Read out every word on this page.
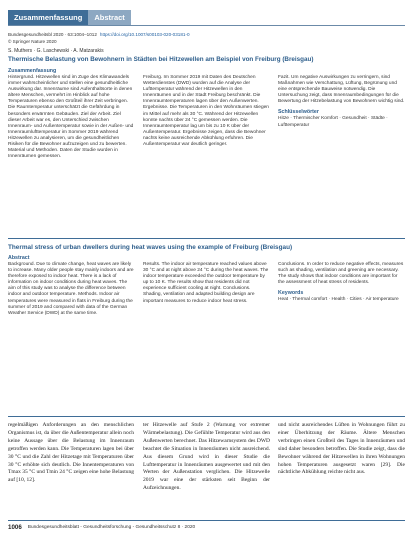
Zusammenfassung	Abstract
Bundesgesundheitsbl 2020 · 63:1004–1012 https://doi.org/10.1007/s00103-020-03181-0
© Springer Nature 2020
S. Muthers · G. Laschewski · A. Matzarakis
Thermische Belastung von Bewohnern in Städten bei Hitzewellen am Beispiel von Freiburg (Breisgau)
Zusammenfassung
Hintergrund. Hitzewellen sind im Zuge des Klimawandels immer wahrscheinlicher und stellen eine gesundheitliche Auswirkung dar. Innenräume sind Aufenthaltsorte in denen ältere Menschen, vermehrt im Hinblick auf hohe Temperaturen ebenso den Großteil ihrer Zeit verbringen. Die Raumtemperatur unterschätzt die Gefährdung in besonders erwärmten Gebäuden. Ziel der Arbeit. Ziel dieser Arbeit war es, den Unterschied zwischen Innenraum- und Außentemperatur sowie in der Außen- und Innenraumlufttemperatur im Sommer 2019 während Hitzewellen zu analysieren, um die gesundheitlichen Risiken für die Bewohner aufzuzeigen und zu bewerten. Material und Methoden. Daten der Studie wurden in Innenräumen gemessen.
Freiburg. Im Sommer 2019 mit Daten des Deutschen Wetterdienstes (DWD) wurden auf die Analyse der Lufttemperatur während der Hitzewellen in den Innenräumen und in der Stadt Freiburg beschränkt. Die Innenraumtemperaturen lagen über den Außenwerten. Ergebnisse. Die Temperaturen in den Wohnräumen stiegen im Mittel auf mehr als 30 °C. Während der Hitzewellen konnte nachts über 24 °C gemessen werden. Die Innenraumtemperatur lag um bis zu 10 K über der Außentemperatur. Ergebnisse zeigen, dass die Bewohner nachts keine ausreichende Abkühlung erfuhren. Die Außentemperatur war deutlich geringer.
Fazit. Um negative Auswirkungen zu verringern, sind Maßnahmen wie Verschattung, Lüftung, Begrünung und eine entsprechende Bauweise notwendig. Die Untersuchung zeigt, dass Innenraumbedingungen für die Bewertung der Hitzebelastung von Bewohnern wichtig sind.
Schlüsselwörter
Hitze · Thermischer Komfort · Gesundheit · Städte · Lufttemperatur
Thermal stress of urban dwellers during heat waves using the example of Freiburg (Breisgau)
Abstract
Background. Due to climate change, heat waves are likely to increase. Many older people stay mainly indoors and are therefore exposed to indoor heat. There is a lack of information on indoor conditions during heat waves. The aim of this study was to analyse the difference between indoor and outdoor temperature. Methods. Indoor air temperatures were measured in flats in Freiburg during the summer of 2019 and compared with data of the German Weather Service (DWD) at the same time.
Results. The indoor air temperature reached values above 30 °C and at night above 24 °C during the heat waves. The indoor temperature exceeded the outdoor temperature by up to 10 K. The results show that residents did not experience sufficient cooling at night. Conclusions. Shading, ventilation and adapted building design are important measures to reduce indoor heat stress.
Conclusions. In order to reduce negative effects, measures such as shading, ventilation and greening are necessary. The study shows that indoor conditions are important for the assessment of heat stress of residents.
Keywords
Heat · Thermal comfort · Health · Cities · Air temperature
regelmäßigen Anforderungen an den menschlichen Organismus ist, da über die Außentemperatur allein noch keine Aussage über die Belastung im Innenraum getroffen werden kann. Die Temperaturen lagen bei über 30 °C und die Zahl der Hitzetage mit Temperaturen über 30 °C erhöhte sich deutlich. Die Innentemperaturen von Tmax 35 °C und Tmin 24 °C zeigen eine hohe Belastung auf [10, 12].
ter Hitzewelle auf Stufe 2 (Warnung vor extremer Wärmebelastung). Die Gefühlte Temperatur wird aus den Außenwerten berechnet. Das Hitzewarnsystem des DWD beachtet die Situation in Innenräumen nicht ausreichend. Aus diesem Grund wird in dieser Studie die Lufttemperatur in Innenräumen ausgewertet und mit den Werten der Außenstation verglichen. Die Hitzewelle 2019 war eine der stärksten seit Beginn der Aufzeichnungen.
und nicht ausreichendes Lüften in Wohnungen führt zu einer Überhitzung der Räume. Ältere Menschen verbringen einen Großteil des Tages in Innenräumen und sind daher besonders betroffen. Die Studie zeigt, dass die Bewohner während der Hitzewellen in ihren Wohnungen hohen Temperaturen ausgesetzt waren [29]. Die nächtliche Abkühlung reichte nicht aus.
1006 Bundesgesundheitsblatt - Gesundheitsforschung - Gesundheitsschutz 8 · 2020
